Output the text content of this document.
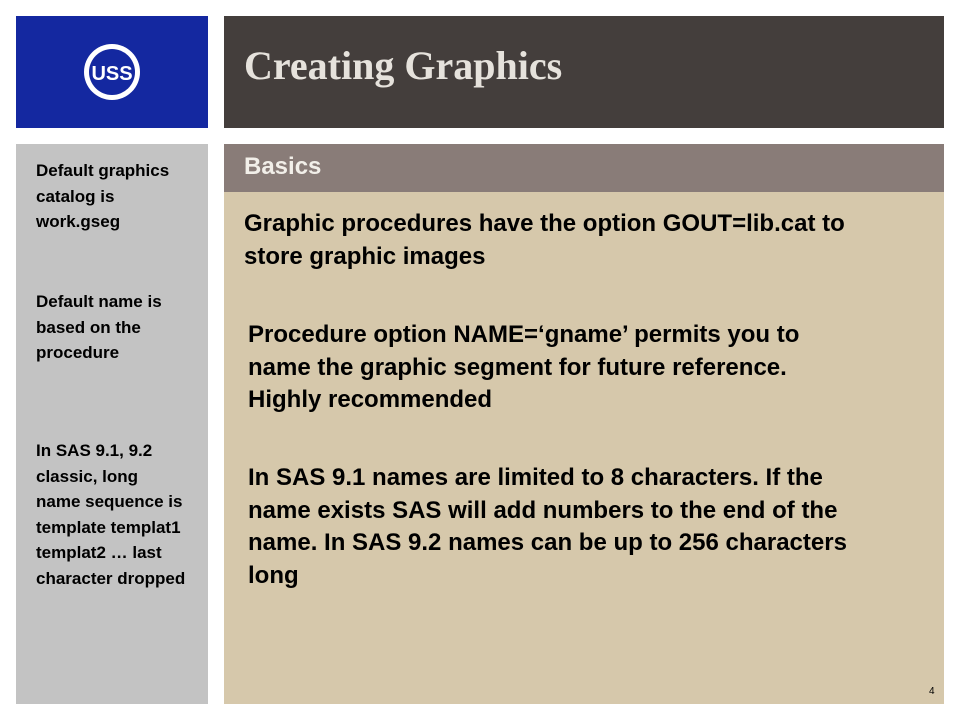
USS	Creating Graphics
Default graphics catalog is work.gseg
Default name is based on the procedure
In SAS 9.1, 9.2 classic, long name sequence is template templat1 templat2 … last character dropped
Basics
Graphic procedures have the option GOUT=lib.cat to store graphic images
Procedure option NAME=‘gname’ permits you to name the graphic segment for future reference. Highly recommended
In SAS 9.1 names are limited to 8 characters. If the name exists SAS will add numbers to the end of the name. In SAS 9.2 names can be up to 256 characters long
4
